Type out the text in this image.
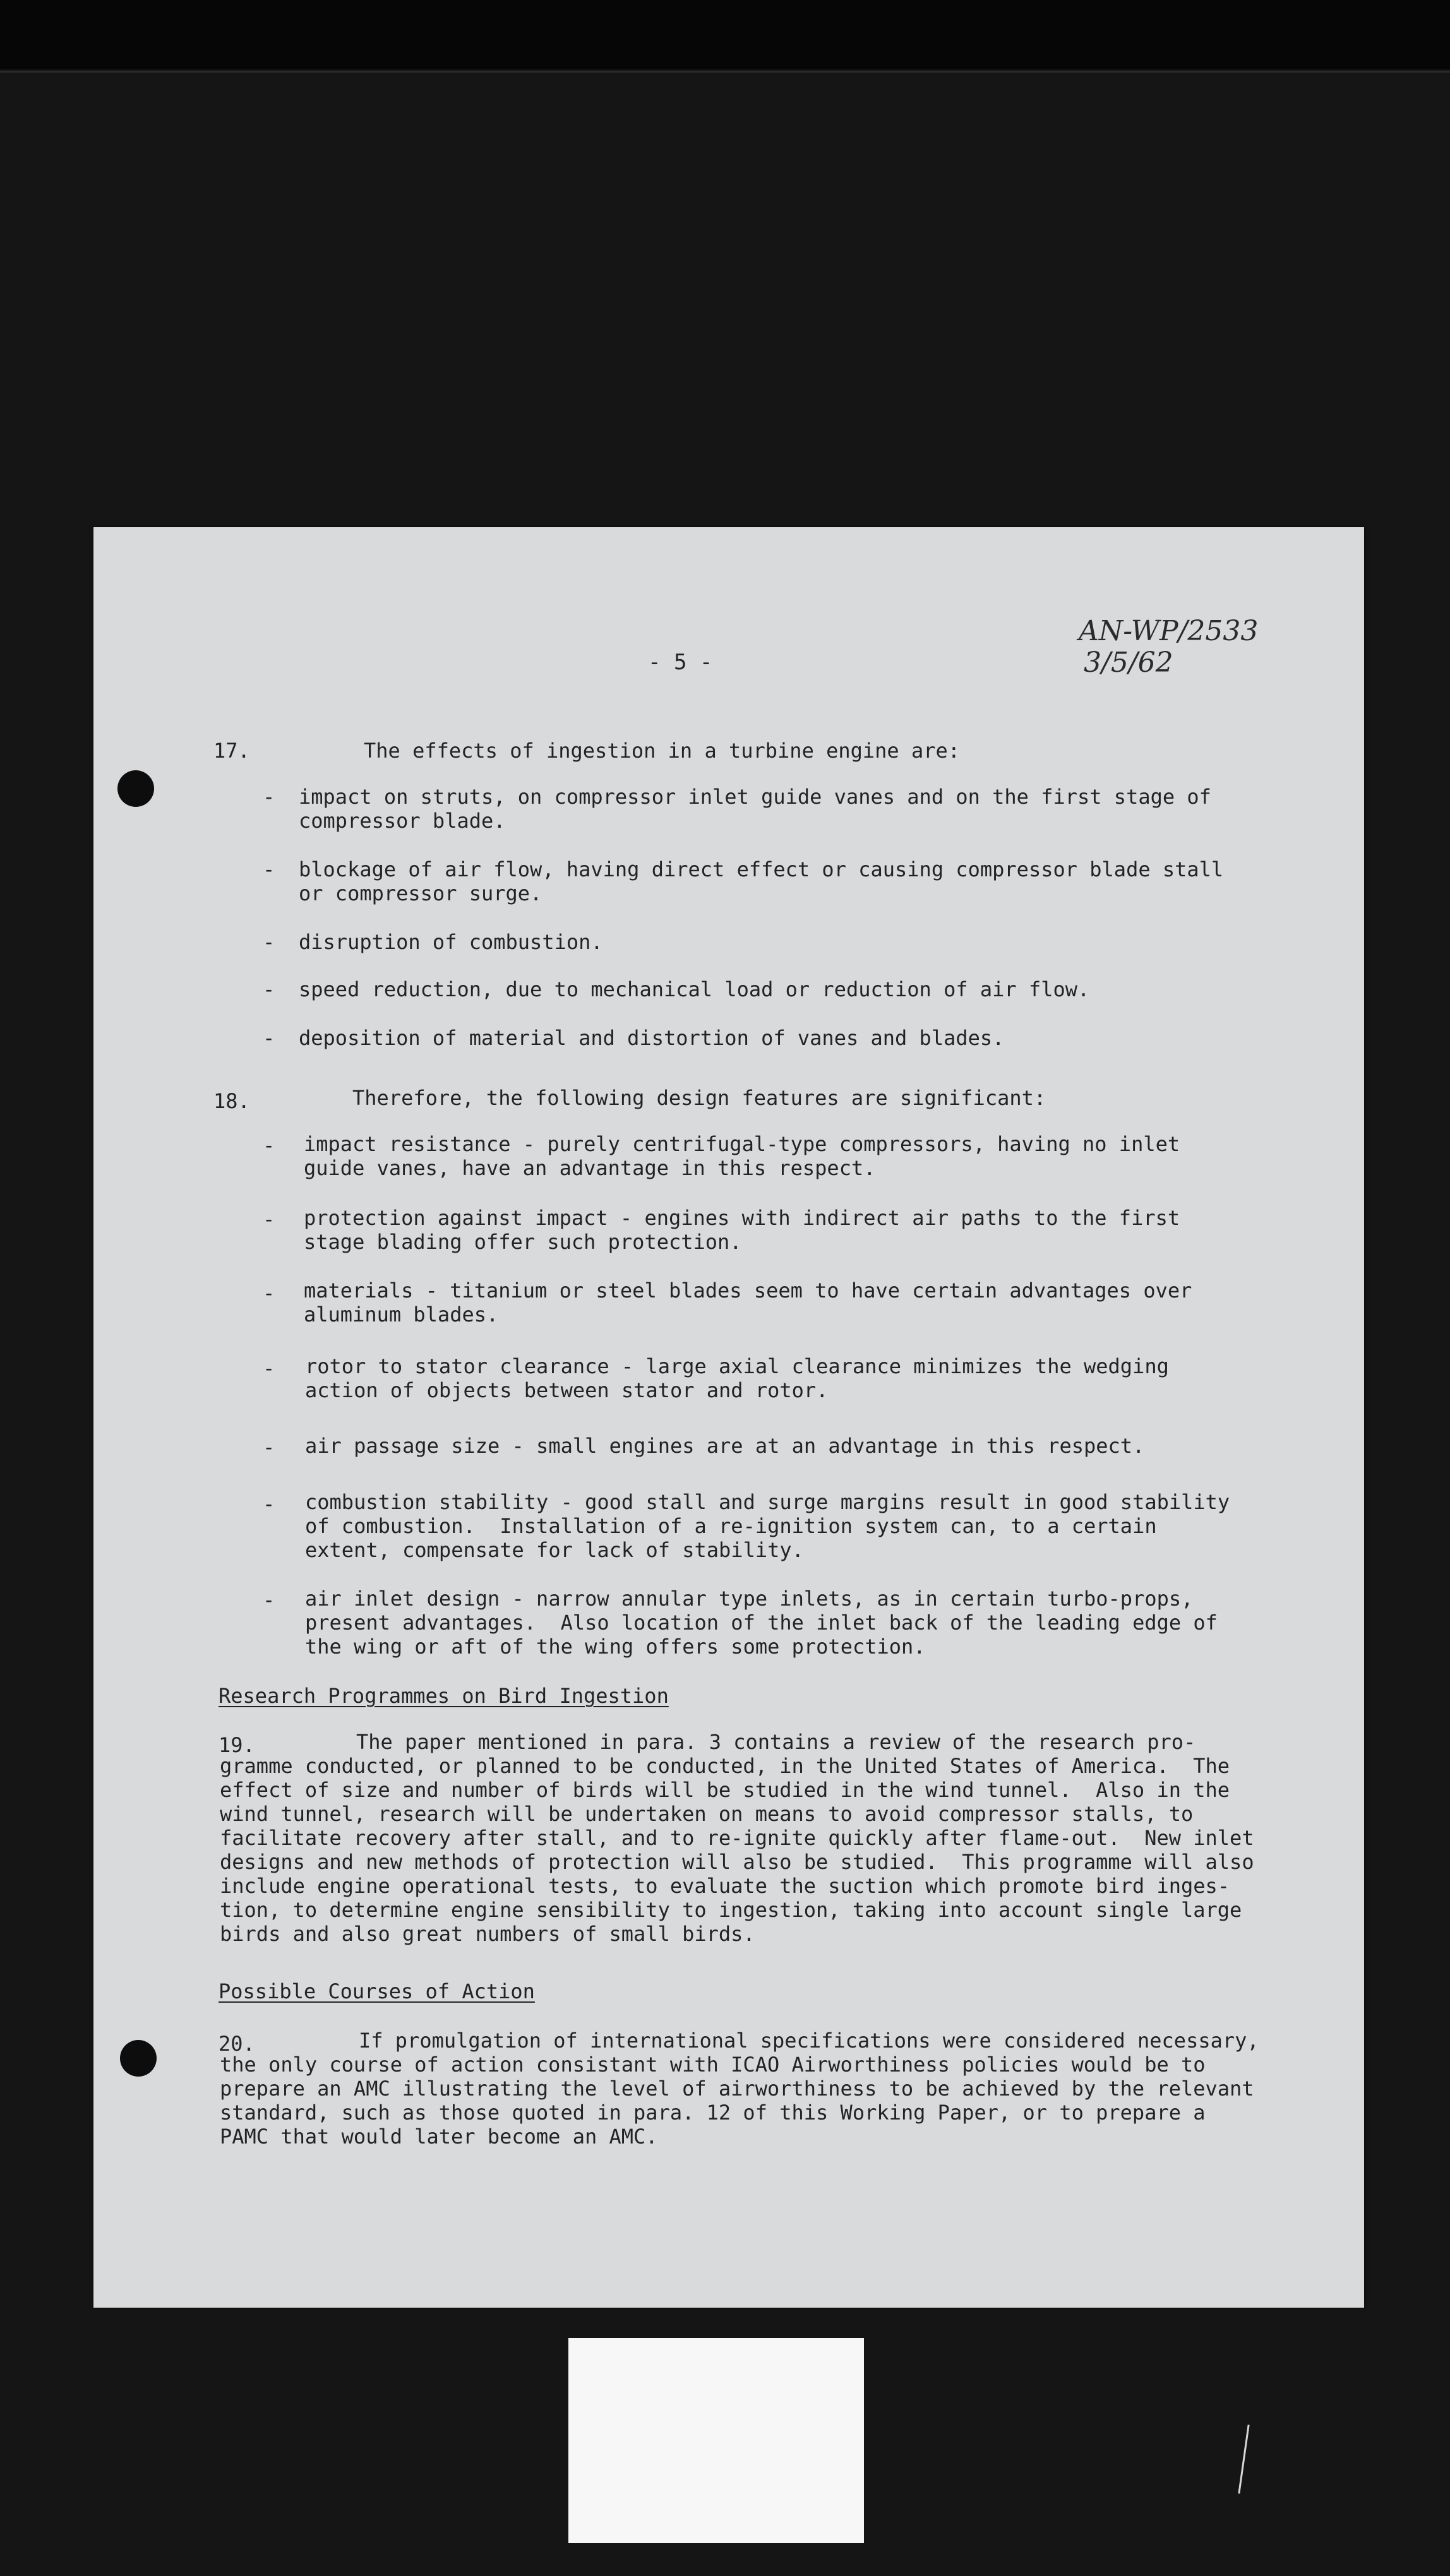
- 5 -
AN-WP/2533
3/5/62
17.	The effects of ingestion in a turbine engine are:
- impact on struts, on compressor inlet guide vanes and on the first stage of
compressor blade.
- blockage of air flow, having direct effect or causing compressor blade stall
or compressor surge.
- disruption of combustion.
- speed reduction, due to mechanical load or reduction of air flow.
- deposition of material and distortion of vanes and blades.
18.	Therefore, the following design features are significant:
- impact resistance - purely centrifugal-type compressors, having no inlet
guide vanes, have an advantage in this respect.
- protection against impact - engines with indirect air paths to the first
stage blading offer such protection.
- materials - titanium or steel blades seem to have certain advantages over
aluminum blades.
- rotor to stator clearance - large axial clearance minimizes the wedging
action of objects between stator and rotor.
- air passage size - small engines are at an advantage in this respect.
- combustion stability - good stall and surge margins result in good stability
of combustion.  Installation of a re-ignition system can, to a certain
extent, compensate for lack of stability.
- air inlet design - narrow annular type inlets, as in certain turbo-props,
present advantages.  Also location of the inlet back of the leading edge of
the wing or aft of the wing offers some protection.
Research Programmes on Bird Ingestion
19.	The paper mentioned in para. 3 contains a review of the research pro-
gramme conducted, or planned to be conducted, in the United States of America.  The
effect of size and number of birds will be studied in the wind tunnel.  Also in the
wind tunnel, research will be undertaken on means to avoid compressor stalls, to
facilitate recovery after stall, and to re-ignite quickly after flame-out.  New inlet
designs and new methods of protection will also be studied.  This programme will also
include engine operational tests, to evaluate the suction which promote bird inges-
tion, to determine engine sensibility to ingestion, taking into account single large
birds and also great numbers of small birds.
Possible Courses of Action
20.	If promulgation of international specifications were considered necessary,
the only course of action consistant with ICAO Airworthiness policies would be to
prepare an AMC illustrating the level of airworthiness to be achieved by the relevant
standard, such as those quoted in para. 12 of this Working Paper, or to prepare a
PAMC that would later become an AMC.
